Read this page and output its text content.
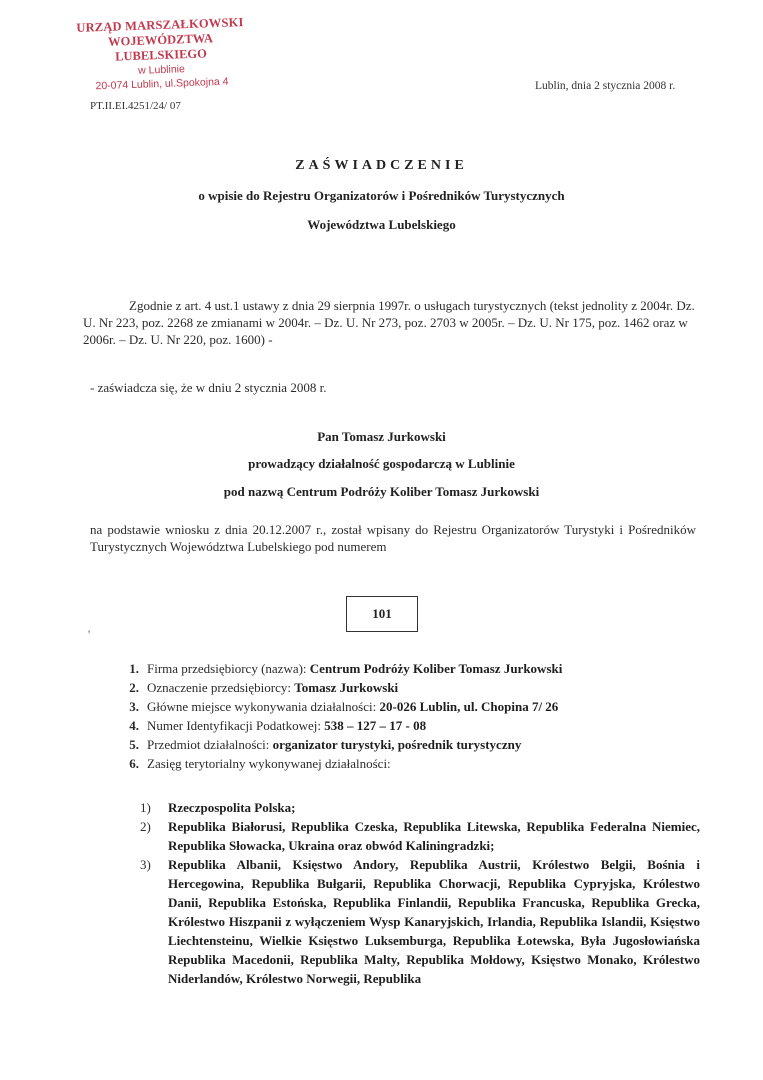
URZĄD MARSZAŁKOWSKI
WOJEWÓDZTWA LUBELSKIEGO
w Lublinie
20-074 Lublin, ul.Spokojna 4
PT.II.EI.4251/24/ 07
Lublin, dnia 2 stycznia 2008 r.
ZAŚWIADCZENIE
o wpisie do Rejestru Organizatorów i Pośredników Turystycznych
Województwa Lubelskiego
Zgodnie z art. 4 ust.1 ustawy z dnia 29 sierpnia 1997r. o usługach turystycznych (tekst jednolity z 2004r. Dz. U. Nr 223, poz. 2268 ze zmianami w 2004r. – Dz. U. Nr 273, poz. 2703 w 2005r. – Dz. U. Nr 175, poz. 1462 oraz w 2006r. – Dz. U. Nr 220, poz. 1600) -
- zaświadcza się, że w dniu 2 stycznia 2008 r.
Pan Tomasz Jurkowski
prowadzący działalność gospodarczą w Lublinie
pod nazwą Centrum Podróży Koliber Tomasz Jurkowski
na podstawie wniosku z dnia 20.12.2007 r., został wpisany do Rejestru Organizatorów Turystyki i Pośredników Turystycznych Województwa Lubelskiego pod numerem
101
'
1. Firma przedsiębiorcy (nazwa): Centrum Podróży Koliber Tomasz Jurkowski
2. Oznaczenie przedsiębiorcy: Tomasz Jurkowski
3. Główne miejsce wykonywania działalności: 20-026 Lublin, ul. Chopina 7/ 26
4. Numer Identyfikacji Podatkowej: 538 – 127 – 17 - 08
5. Przedmiot działalności: organizator turystyki, pośrednik turystyczny
6. Zasięg terytorialny wykonywanej działalności:
1)	Rzeczpospolita Polska;
2)	Republika Białorusi, Republika Czeska, Republika Litewska, Republika Federalna Niemiec, Republika Słowacka, Ukraina oraz obwód Kaliningradzki;
3)	Republika Albanii, Księstwo Andory, Republika Austrii, Królestwo Belgii, Bośnia i Hercegowina, Republika Bułgarii, Republika Chorwacji, Republika Cypryjska, Królestwo Danii, Republika Estońska, Republika Finlandii, Republika Francuska, Republika Grecka, Królestwo Hiszpanii z wyłączeniem Wysp Kanaryjskich, Irlandia, Republika Islandii, Księstwo Liechtensteinu, Wielkie Księstwo Luksemburga, Republika Łotewska, Była Jugosłowiańska Republika Macedonii, Republika Malty, Republika Mołdowy, Księstwo Monako, Królestwo Niderlandów, Królestwo Norwegii, Republika
